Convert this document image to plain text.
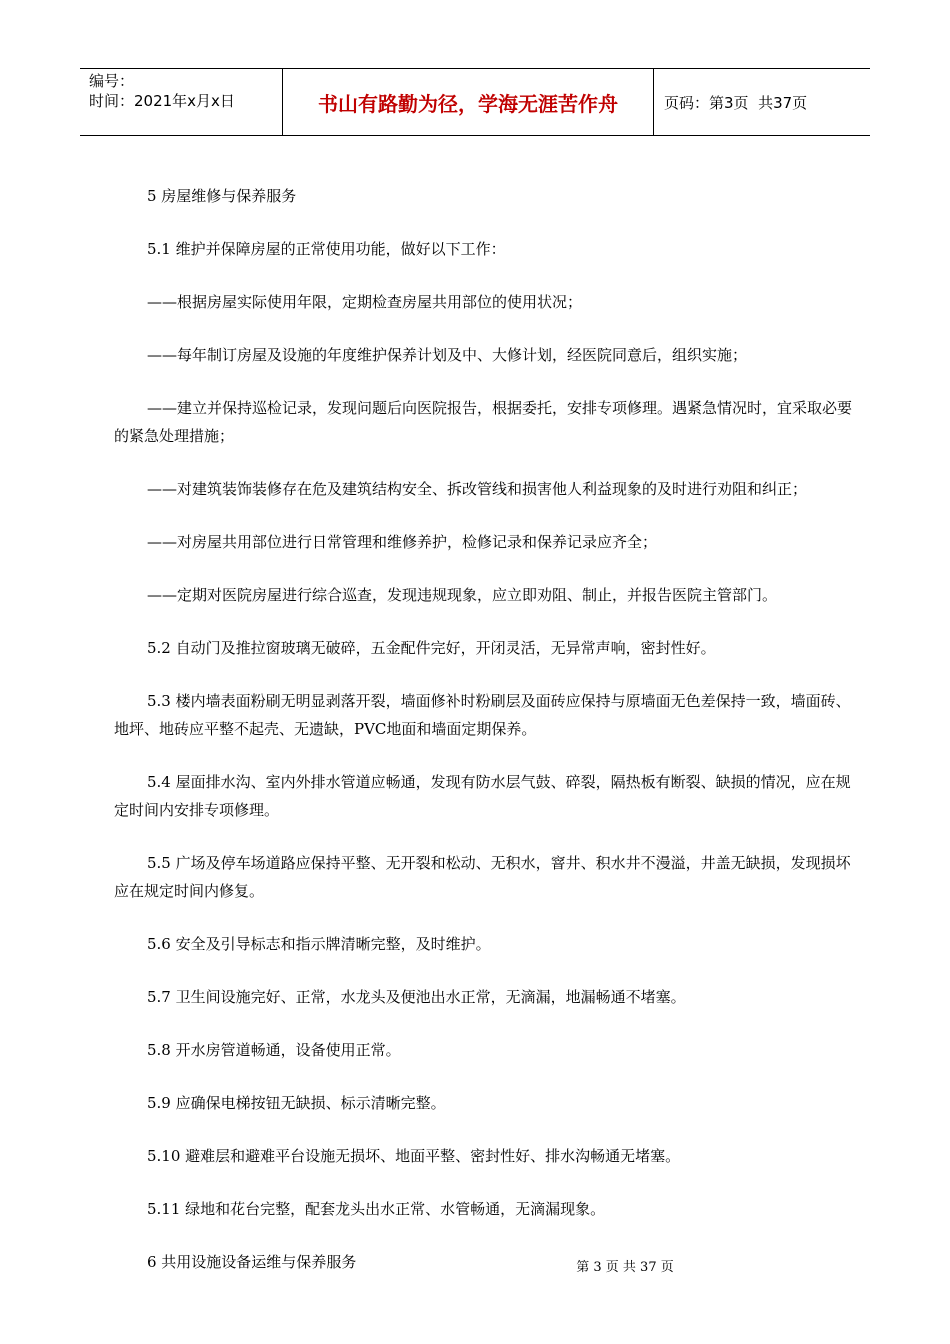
编号：
时间：2021年x月x日	书山有路勤为径，学海无涯苦作舟	页码：第3页  共37页

5 房屋维修与保养服务

5.1 维护并保障房屋的正常使用功能，做好以下工作：

——根据房屋实际使用年限，定期检查房屋共用部位的使用状况；

——每年制订房屋及设施的年度维护保养计划及中、大修计划，经医院同意后，组织实施；

——建立并保持巡检记录，发现问题后向医院报告，根据委托，安排专项修理。遇紧急情况时，宜采取必要的紧急处理措施；

——对建筑装饰装修存在危及建筑结构安全、拆改管线和损害他人利益现象的及时进行劝阻和纠正；

——对房屋共用部位进行日常管理和维修养护，检修记录和保养记录应齐全；

——定期对医院房屋进行综合巡查，发现违规现象，应立即劝阻、制止，并报告医院主管部门。

5.2 自动门及推拉窗玻璃无破碎，五金配件完好，开闭灵活，无异常声响，密封性好。

5.3 楼内墙表面粉刷无明显剥落开裂，墙面修补时粉刷层及面砖应保持与原墙面无色差保持一致，墙面砖、地坪、地砖应平整不起壳、无遗缺，PVC地面和墙面定期保养。

5.4 屋面排水沟、室内外排水管道应畅通，发现有防水层气鼓、碎裂，隔热板有断裂、缺损的情况，应在规定时间内安排专项修理。

5.5 广场及停车场道路应保持平整、无开裂和松动、无积水，窨井、积水井不漫溢，井盖无缺损，发现损坏应在规定时间内修复。

5.6 安全及引导标志和指示牌清晰完整，及时维护。

5.7 卫生间设施完好、正常，水龙头及便池出水正常，无滴漏，地漏畅通不堵塞。

5.8 开水房管道畅通，设备使用正常。

5.9 应确保电梯按钮无缺损、标示清晰完整。

5.10 避难层和避难平台设施无损坏、地面平整、密封性好、排水沟畅通无堵塞。

5.11 绿地和花台完整，配套龙头出水正常、水管畅通，无滴漏现象。

6 共用设施设备运维与保养服务	第 3 页 共 37 页
